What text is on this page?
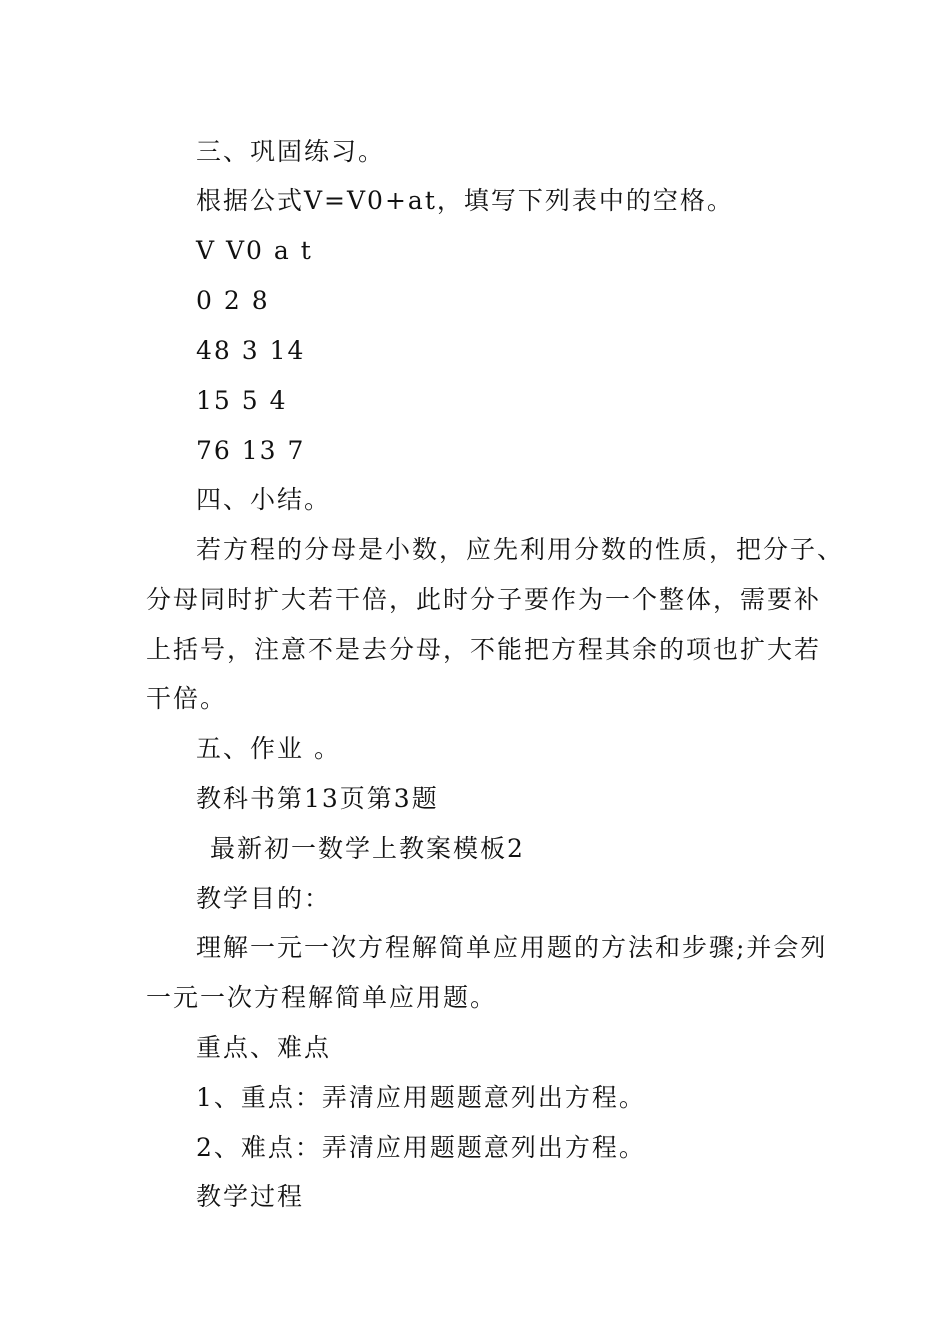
三、巩固练习。
根据公式V=V0+at，填写下列表中的空格。
V V0 a t
0 2 8
48 3 14
15 5 4
76 13 7
四、小结。
若方程的分母是小数，应先利用分数的性质，把分子、
分母同时扩大若干倍，此时分子要作为一个整体，需要补
上括号，注意不是去分母，不能把方程其余的项也扩大若
干倍。
五、作业 。
教科书第13页第3题
最新初一数学上教案模板2
教学目的：
理解一元一次方程解简单应用题的方法和步骤;并会列
一元一次方程解简单应用题。
重点、难点
1、重点：弄清应用题题意列出方程。
2、难点：弄清应用题题意列出方程。
教学过程
